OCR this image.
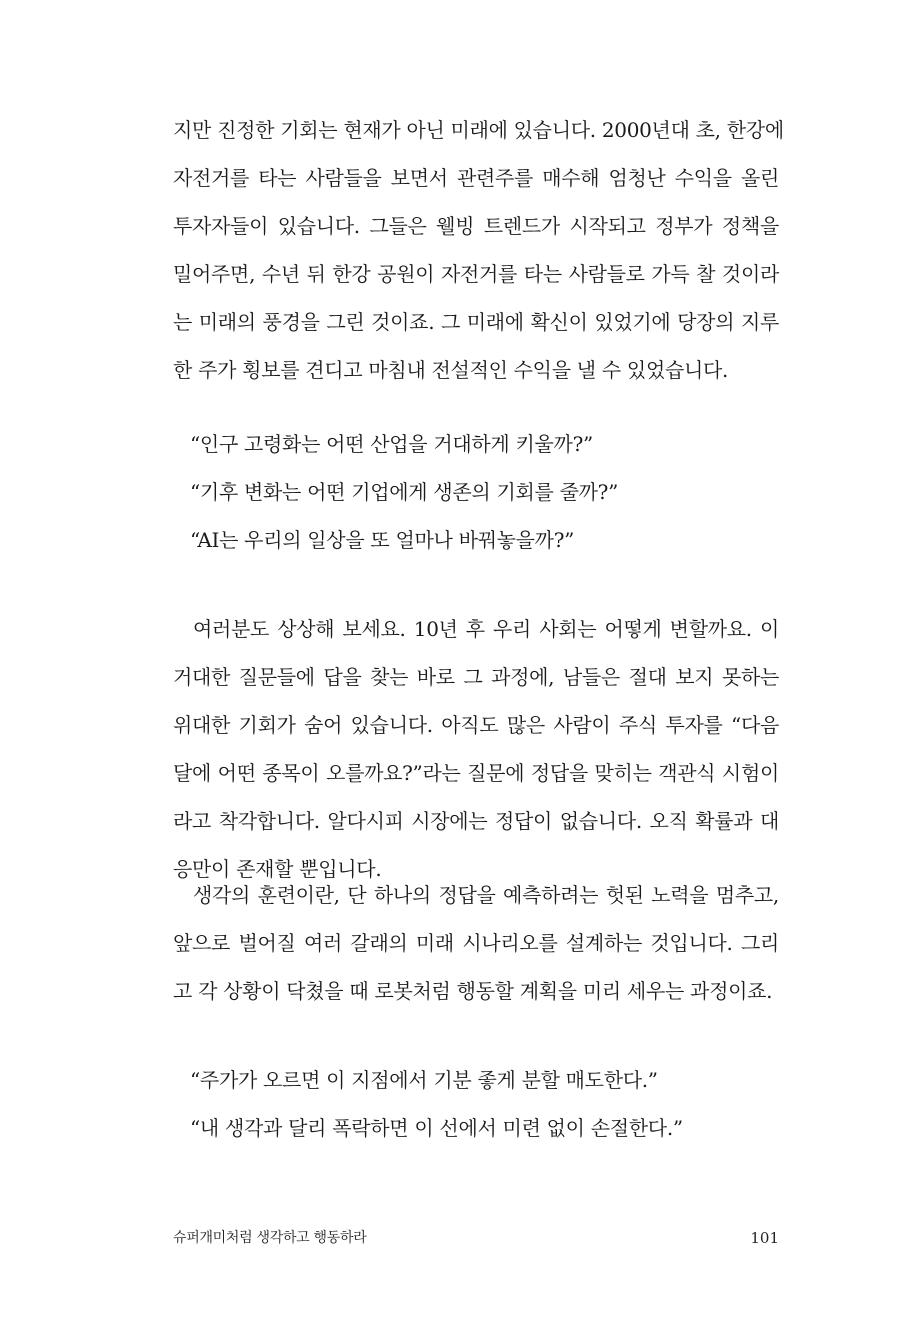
지만 진정한 기회는 현재가 아닌 미래에 있습니다. 2000년대 초, 한강에
자전거를 타는 사람들을 보면서 관련주를 매수해 엄청난 수익을 올린
투자자들이 있습니다. 그들은 웰빙 트렌드가 시작되고 정부가 정책을
밀어주면, 수년 뒤 한강 공원이 자전거를 타는 사람들로 가득 찰 것이라
는 미래의 풍경을 그린 것이죠. 그 미래에 확신이 있었기에 당장의 지루
한 주가 횡보를 견디고 마침내 전설적인 수익을 낼 수 있었습니다.
“인구 고령화는 어떤 산업을 거대하게 키울까?”
“기후 변화는 어떤 기업에게 생존의 기회를 줄까?”
“AI는 우리의 일상을 또 얼마나 바꿔놓을까?”
여러분도 상상해 보세요. 10년 후 우리 사회는 어떻게 변할까요. 이
거대한 질문들에 답을 찾는 바로 그 과정에, 남들은 절대 보지 못하는
위대한 기회가 숨어 있습니다. 아직도 많은 사람이 주식 투자를 “다음
달에 어떤 종목이 오를까요?”라는 질문에 정답을 맞히는 객관식 시험이
라고 착각합니다. 알다시피 시장에는 정답이 없습니다. 오직 확률과 대
응만이 존재할 뿐입니다.
생각의 훈련이란, 단 하나의 정답을 예측하려는 헛된 노력을 멈추고,
앞으로 벌어질 여러 갈래의 미래 시나리오를 설계하는 것입니다. 그리
고 각 상황이 닥쳤을 때 로봇처럼 행동할 계획을 미리 세우는 과정이죠.
“주가가 오르면 이 지점에서 기분 좋게 분할 매도한다.”
“내 생각과 달리 폭락하면 이 선에서 미련 없이 손절한다.”
슈퍼개미처럼 생각하고 행동하라	101
